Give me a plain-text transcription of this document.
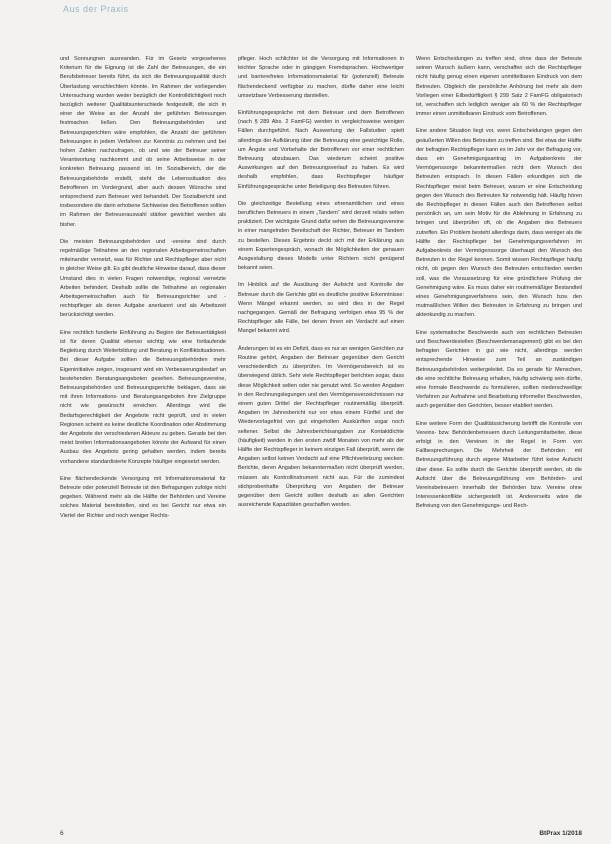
Aus der Praxis

und Sonnungnen ausreanden. Für im Gesetz vorgesehenes Kriterium für die Eignung ist die Zahl der Betreuungen, die ein Berufsbetreuer bereits führt, da sich die Betreuungsqualität durch Überlastung verschlechtern könnte. Im Rahmen der vorliegenden Untersuchung wurden weder bezüglich der Kontrolldichtigkeit noch bezüglich weiterer Qualitätsunterschiede festgestellt, die sich in einer der Weise an der Anzahl der geführten Betreuungen festmachen ließen. Den Betreuungsbehörden und Betreuungsgerichten wäre empfohlen, die Anzahl der geführten Betreuungen in jedem Verfahren zur Kenntnis zu nehmen und bei hohen Zahlen nachzufragen, ob und wie der Betreuer seiner Verantwortung nachkommt und ob seine Arbeitsweise in der konkreten Betreuung passend ist. Im Sozialbereich, der die Betreuungsbehörde erstellt, steht die Lebenssituation des Betroffenen im Vordergrund, aber auch dessen Wünsche sind entsprechend zum Betreuer wird behandelt. Der Sozialbericht und insbesondere die darin erhobene Sichtweise des Betroffenen sollten im Rahmen der Betreuerauswahl stärker gewichtet werden als bisher.

Die meisten Betreuungsbehörden und -vereine sind durch regelmäßige Teilnahme an den regionalen Arbeitsgemeinschaften miteinander vernetzt, was für Richter und Rechtspfleger aber nicht in gleicher Weise gilt. Es gibt deutliche Hinweise darauf, dass dieser Umstand dies in vielen Fragen notwendige, regional vernetzte Arbeiten behindert. Deshalb sollte die Teilnahme an regionalen Arbeitsgemeinschaften auch für Betreuungsrichter und -rechtspfleger als deren Aufgabe anerkannt und als Arbeitszeit berücksichtigt werden.

Eine rechtlich fundierte Einführung zu Beginn der Betreuertätigkeit ist für deren Qualität ebenso wichtig wie eine fortlaufende Begleitung durch Weiterbildung und Beratung in Konfliktsituationen. Bei dieser Aufgabe sollten die Betreuungsbehörden mehr Eigeninitiative zeigen, insgesamt wird ein Verbesserungsbedarf an bestehenden Beratungsangeboten gesehen. Betreuungsvereine, Betreuungsbehörden und Betreuungsgerichte beklagen, dass sie mit ihren Informations- und Beratungsangeboten ihre Zielgruppe nicht wie gewünscht erreichen. Allerdings wird die Bedarfsgerechtigkeit der Angebote nicht geprüft, und in vielen Regionen scheint es keine deutliche Koordination oder Abstimmung der Angebote der verschiedenen Akteure zu geben. Gerade bei den meist breiten Informationsangeboten könnte der Aufwand für einen Ausbau des Angebots gering gehalten werden, indem bereits vorhandene standardisierte Konzepte häufiger eingesetzt werden.

Eine flächendeckende Versorgung mit Informationsmaterial für Betreute oder potenziell Betreute ist den Befragungen zufolge nicht gegeben. Während mehr als die Hälfte der Behörden und Vereine solches Material bereitstellen, sind es bei Gericht nur etwa ein Viertel der Richter und noch weniger Rechts-

pfleger. Hoch schlichter ist die Versorgung mit Informationen in leichter Sprache oder in gängigen Fremdsprachen. Hochwertiger und barrierefreies Informationsmaterial für (potenziell) Betreute flächendeckend verfügbar zu machen, dürfte daher eine leicht umsetzbare Verbesserung darstellen.

Einführungsgespräche mit dem Betreuer und dem Betroffenen (nach § 289 Abs. 2 FamFG) werden in vergleichsweise wenigen Fällen durchgeführt. Nach Auswertung der Fallstudien spielt allerdings der Aufklärung über die Betreuung eine gewichtige Rolle, um Ängste und Vorbehalte der Betroffenen vor einer rechtlichen Betreuung abzubauen. Das wiederum scheint positive Auswirkungen auf den Betreuungsverlauf zu haben. Es wird deshalb empfohlen, dass Rechtspfleger häufiger Einführungsgespräche unter Beteiligung des Betreuten führen.

Die gleichzeitige Bestellung eines ehrenamtlichen und eines beruflichen Betreuers in einem „Tandem“ wird derzeit relativ selten praktiziert. Der wichtigste Grund dafür sehen die Betreuungsvereine in einer mangelnden Bereitschaft der Richter, Betreuer im Tandem zu bestellen. Dieses Ergebnis deckt sich mit der Erklärung aus einem Expertengespräch, wonach die Möglichkeiten der genauen Ausgestaltung dieses Modells unter Richtern nicht genügend bekannt seien.

Im Hinblick auf die Ausübung der Aufsicht und Kontrolle der Betreuer durch die Gerichte gibt es deutliche positive Erkenntnisse: Wenn Mängel erkannt werden, so wird dies in der Regel nachgegangen. Gemäß der Befragung verfolgen etwa 95 % der Rechtspfleger alle Fälle, bei denen ihnen ein Verdacht auf einen Mangel bekannt wird.

Änderungen ist es ein Defizit, dass es nur an wenigen Gerichten zur Routine gehört, Angaben der Betreuer gegenüber dem Gericht verschiedentlich zu überprüfen. Im Vermögensbereich ist es überwiegend üblich. Sehr viele Rechtspfleger berichten sogar, dass diese Möglichkeit selten oder nie genutzt wird. So werden Angaben in den Rechnungslegungen und den Vermögensverzeichnissen nur einem guten Drittel der Rechtspfleger routinemäßig überprüft. Angaben im Jahresbericht nur vor etwa einem Fünftel und der Wiedervorlagefrist von gut eingeholten Auskünften sogar noch seltener. Selbst die Jahresberichtsangaben zur Kontaktdichte (häufigkeit) werden in den ersten zwölf Monaten von mehr als der Hälfte der Rechtspfleger in keinem einzigen Fall überprüft, wenn die Angaben selbst keinen Verdacht auf eine Pflichtverletzung wecken. Berichte, deren Angaben bekanntermaßen nicht überprüft werden, müssen als Kontrollinstrument nicht aus. Für die zumindest stichprobenhafte Überprüfung von Angaben der Betreuer gegenüber dem Gericht sollten deshalb an allen Gerichten ausreichende Kapazitäten geschaffen werden.

Wenn Entscheidungen zu treffen sind, ohne dass der Betreute seinen Wunsch äußern kann, verschaffen sich die Rechtspfleger nicht häufig genug einen eigenen unmittelbaren Eindruck von dem Betreuten. Obgleich die persönliche Anhörung bei mehr als dem Vorliegen einer Eilbedürftigkeit § 299 Satz 2 FamFG obligatorisch ist, verschaffen sich lediglich weniger als 60 % der Rechtspfleger immer einen unmittelbaren Eindruck vom Betroffenen.

Eine andere Situation liegt vor, wenn Entscheidungen gegen den geäußerten Willen des Betreuten zu treffen sind. Bei etwa der Hälfte der befragten Rechtspfleger kann es im Jahr vor der Befragung vor, dass ein Genehmigungsantrag im Aufgabenkreis der Vermögenssorge bekanntermaßen nicht dem Wunsch des Betreuten entsprach. In diesen Fällen erkundigen sich die Rechtspfleger meist beim Betreuer, warum er eine Entscheidung gegen den Wunsch des Betreuten für notwendig hält. Häufig hören die Rechtspfleger in diesen Fällen auch den Betroffenen selbst persönlich an, um sein Motiv für die Ablehnung in Erfahrung zu bringen und überprüfen oft, ob die Angaben des Betreuers zutreffen. Ein Problem besteht allerdings darin, dass weniger als die Hälfte der Rechtspfleger bei Genehmigungsverfahren im Aufgabenkreis der Vermögenssorge überhaupt den Wunsch des Betreuten in der Regel kennen. Somit wissen Rechtspfleger häufig nicht, ob gegen den Wunsch des Betreuten entschieden werden soll, was die Voraussetzung für eine gründlichere Prüfung der Genehmigung wäre. Es muss daher ein routinemäßiger Bestandteil eines Genehmigungsverfahrens sein, den Wunsch bzw. den mutmaßlichen Willen des Betreuten in Erfahrung zu bringen und aktenkundig zu machen.

Eine systematische Beschwerde auch von rechtlichen Betreuten und Beschwerdestellen (Beschwerdemanagement) gibt es bei den befragten Gerichten in gut wie nicht, allerdings werden entsprechende Hinweise zum Teil an zuständigen Betreuungsbehörden weitergeleitet. Da es gerade für Menschen, die eine rechtliche Betreuung erhalten, häufig schwierig sein dürfte, eine formale Beschwerde zu formulieren, sollten niederschwellige Verfahren zur Aufnahme und Bearbeitung informeller Beschwerden, auch gegenüber den Gerichten, besser etabliert werden.

Eine weitere Form der Qualitätssicherung betrifft die Kontrolle von Vereins- bzw. Behördenbetreuern durch Leitungsmitarbeiter, diese erfolgt in den Vereinen in der Regel in Form von Fallbesprechungen. Die Mehrheit der Behörden mit Betreuungsführung durch eigene Mitarbeiter führt keine Aufsicht über diese. Es sollte durch die Gerichte überprüft werden, ob die Aufsicht über die Betreuungsführung von Behörden- und Vereinsbetreuern innerhalb der Behörden bzw. Vereine ohne Interessenkonflikte sichergestellt ist. Andererseits wäre die Befreiung von den Genehmigungs- und Rech-

6	BtPrax 1/2018
